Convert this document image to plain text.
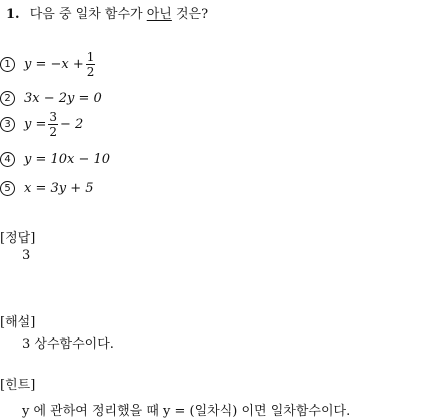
1. 다음 중 일차 함수가 아닌 것은?
1	$y = -x + \frac{1}{2}$
2	3x − 2y = 0
3	$y = \frac{3}{2} - 2$
4	y = 10x − 10
5	x = 3y + 5
[정답]
3
[해설]
3 상수함수이다.
[힌트]
y 에 관하여 정리했을 때 y = (일차식) 이면 일차함수이다.
